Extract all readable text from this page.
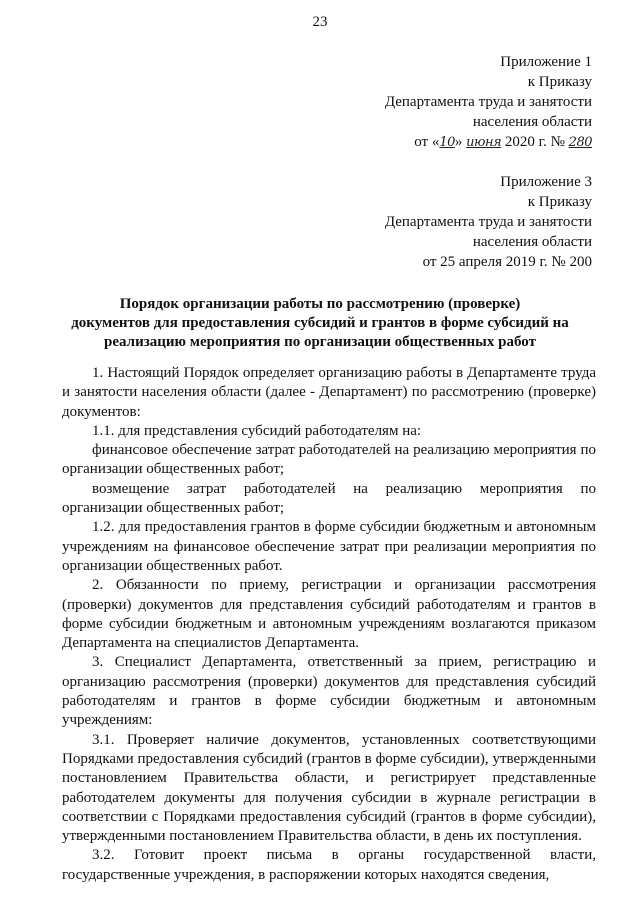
23
Приложение 1
к Приказу
Департамента труда и занятости
населения области
от «10» июня 2020 г. № 280
Приложение 3
к Приказу
Департамента труда и занятости
населения области
от 25 апреля 2019 г. № 200
Порядок организации работы по рассмотрению (проверке)
документов для предоставления субсидий и грантов в форме субсидий на
реализацию мероприятия по организации общественных работ

1. Настоящий Порядок определяет организацию работы в Департаменте труда и занятости населения области (далее - Департамент) по рассмотрению (проверке) документов:

1.1. для представления субсидий работодателям на:

финансовое обеспечение затрат работодателей на реализацию мероприятия по организации общественных работ;

возмещение затрат работодателей на реализацию мероприятия по организации общественных работ;

1.2. для предоставления грантов в форме субсидии бюджетным и автономным учреждениям на финансовое обеспечение затрат при реализации мероприятия по организации общественных работ.

2. Обязанности по приему, регистрации и организации рассмотрения (проверки) документов для представления субсидий работодателям и грантов в форме субсидии бюджетным и автономным учреждениям возлагаются приказом Департамента на специалистов Департамента.

3. Специалист Департамента, ответственный за прием, регистрацию и организацию рассмотрения (проверки) документов для представления субсидий работодателям и грантов в форме субсидии бюджетным и автономным учреждениям:

3.1. Проверяет наличие документов, установленных соответствующими Порядками предоставления субсидий (грантов в форме субсидии), утвержденными постановлением Правительства области, и регистрирует представленные работодателем документы для получения субсидии в журнале регистрации в соответствии с Порядками предоставления субсидий (грантов в форме субсидии), утвержденными постановлением Правительства области, в день их поступления.

3.2. Готовит проект письма в органы государственной власти, государственные учреждения, в распоряжении которых находятся сведения,
